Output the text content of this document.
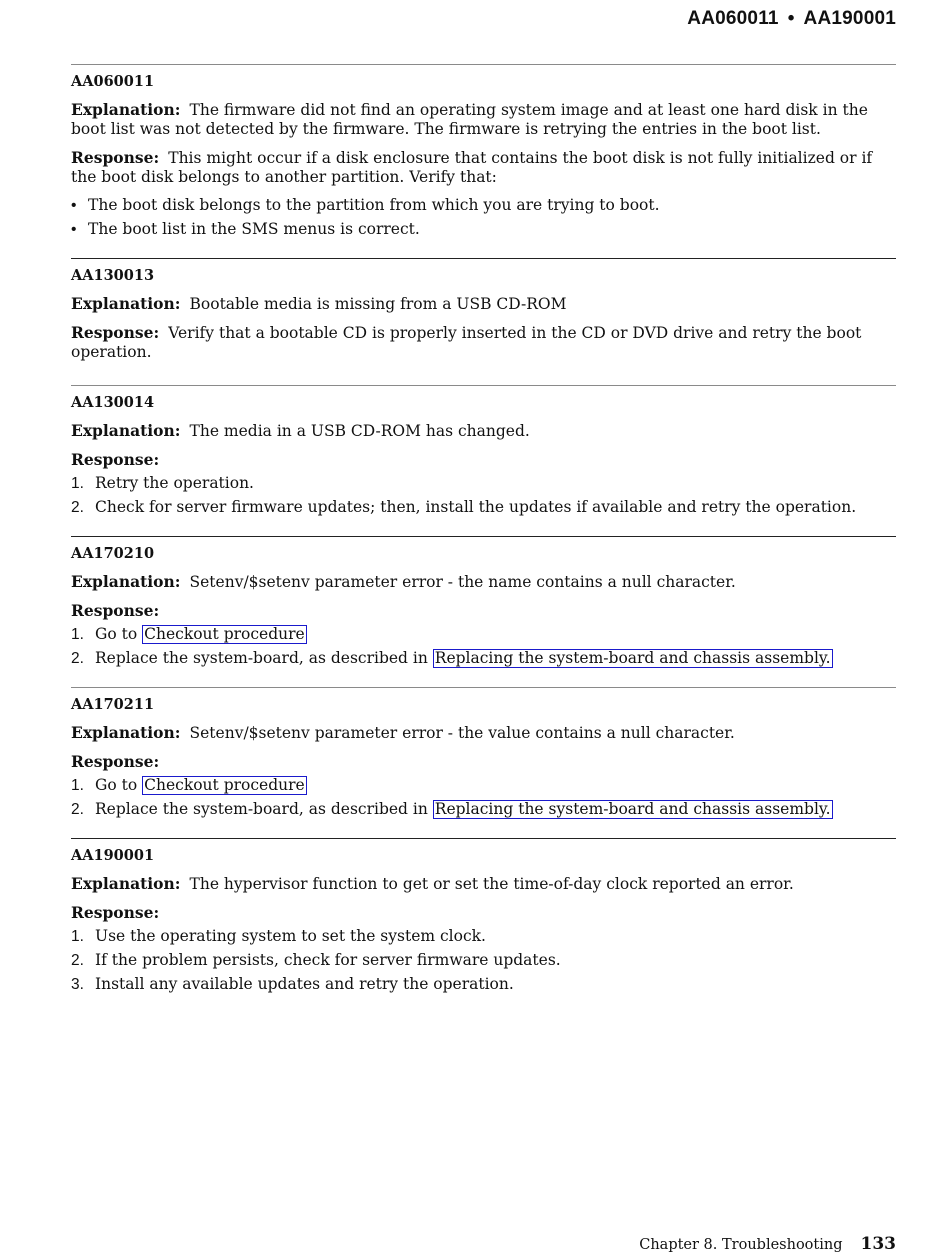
AA060011 • AA190001
AA060011

Explanation: The firmware did not find an operating system image and at least one hard disk in the boot list was not detected by the firmware. The firmware is retrying the entries in the boot list.

Response: This might occur if a disk enclosure that contains the boot disk is not fully initialized or if the boot disk belongs to another partition. Verify that:

• The boot disk belongs to the partition from which you are trying to boot.
• The boot list in the SMS menus is correct.
AA130013

Explanation: Bootable media is missing from a USB CD-ROM

Response: Verify that a bootable CD is properly inserted in the CD or DVD drive and retry the boot operation.

AA130014

Explanation: The media in a USB CD-ROM has changed.

Response:
1. Retry the operation.
2. Check for server firmware updates; then, install the updates if available and retry the operation.
AA170210

Explanation: Setenv/$setenv parameter error - the name contains a null character.

Response:
1. Go to Checkout procedure
2. Replace the system-board, as described in Replacing the system-board and chassis assembly.
AA170211

Explanation: Setenv/$setenv parameter error - the value contains a null character.

Response:
1. Go to Checkout procedure
2. Replace the system-board, as described in Replacing the system-board and chassis assembly.
AA190001

Explanation: The hypervisor function to get or set the time-of-day clock reported an error.

Response:
1. Use the operating system to set the system clock.
2. If the problem persists, check for server firmware updates.
3. Install any available updates and retry the operation.
Chapter 8. Troubleshooting 133
